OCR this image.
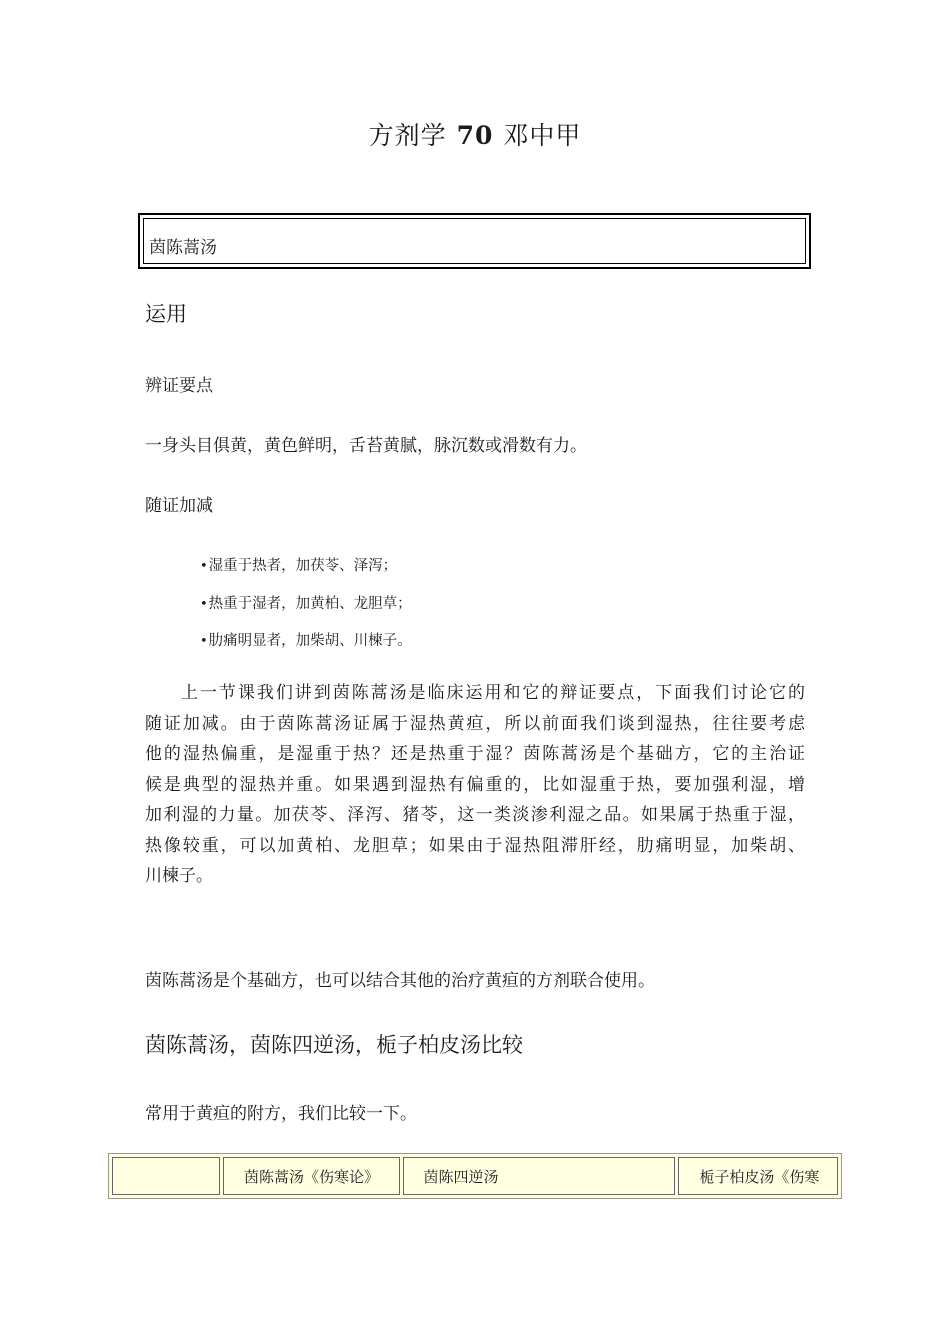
方剂学 70 邓中甲
茵陈蒿汤
运用
辨证要点
一身头目俱黄，黄色鲜明，舌苔黄腻，脉沉数或滑数有力。
随证加减
•湿重于热者，加茯苓、泽泻；
•热重于湿者，加黄柏、龙胆草；
•肋痛明显者，加柴胡、川楝子。
上一节课我们讲到茵陈蒿汤是临床运用和它的辩证要点，下面我们讨论它的
随证加减。由于茵陈蒿汤证属于湿热黄疸，所以前面我们谈到湿热，往往要考虑
他的湿热偏重，是湿重于热？还是热重于湿？茵陈蒿汤是个基础方，它的主治证
候是典型的湿热并重。如果遇到湿热有偏重的，比如湿重于热，要加强利湿，增
加利湿的力量。加茯苓、泽泻、猪苓，这一类淡渗利湿之品。如果属于热重于湿，
热像较重，可以加黄柏、龙胆草；如果由于湿热阻滞肝经，肋痛明显，加柴胡、
川楝子。
茵陈蒿汤是个基础方，也可以结合其他的治疗黄疸的方剂联合使用。
茵陈蒿汤，茵陈四逆汤，栀子柏皮汤比较
常用于黄疸的附方，我们比较一下。
	茵陈蒿汤《伤寒论》	茵陈四逆汤	栀子柏皮汤《伤寒
